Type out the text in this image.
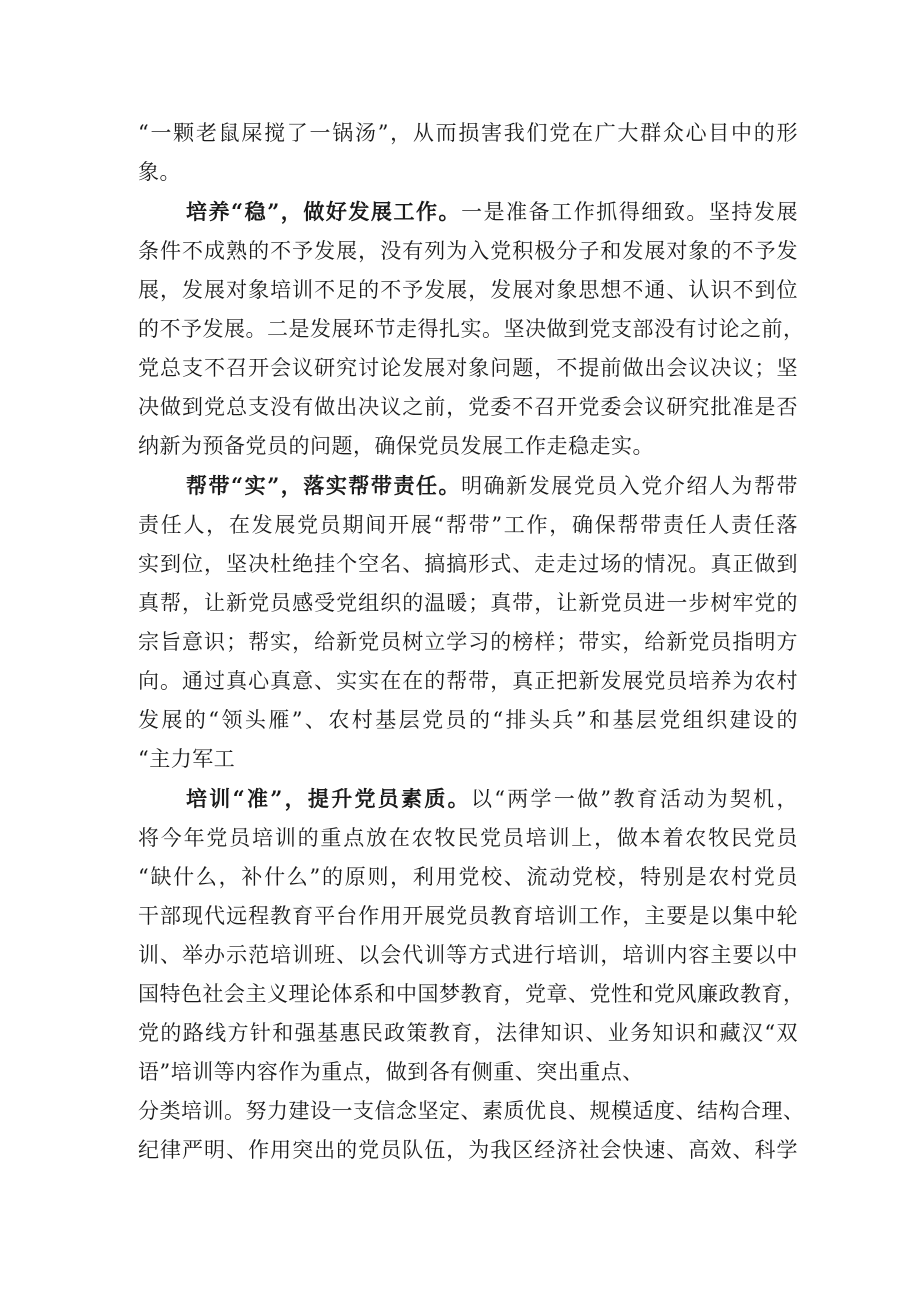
“一颗老鼠屎搅了一锅汤”，从而损害我们党在广大群众心目中的形
象。
培养“稳”，做好发展工作。一是准备工作抓得细致。坚持发展
条件不成熟的不予发展，没有列为入党积极分子和发展对象的不予发
展，发展对象培训不足的不予发展，发展对象思想不通、认识不到位
的不予发展。二是发展环节走得扎实。坚决做到党支部没有讨论之前，
党总支不召开会议研究讨论发展对象问题，不提前做出会议决议；坚
决做到党总支没有做出决议之前，党委不召开党委会议研究批准是否
纳新为预备党员的问题，确保党员发展工作走稳走实。
帮带“实”，落实帮带责任。明确新发展党员入党介绍人为帮带
责任人，在发展党员期间开展“帮带”工作，确保帮带责任人责任落
实到位，坚决杜绝挂个空名、搞搞形式、走走过场的情况。真正做到
真帮，让新党员感受党组织的温暖；真带，让新党员进一步树牢党的
宗旨意识；帮实，给新党员树立学习的榜样；带实，给新党员指明方
向。通过真心真意、实实在在的帮带，真正把新发展党员培养为农村
发展的“领头雁”、农村基层党员的“排头兵”和基层党组织建设的
“主力军工
培训“准”，提升党员素质。以“两学一做”教育活动为契机，
将今年党员培训的重点放在农牧民党员培训上，做本着农牧民党员
“缺什么，补什么”的原则，利用党校、流动党校，特别是农村党员
干部现代远程教育平台作用开展党员教育培训工作，主要是以集中轮
训、举办示范培训班、以会代训等方式进行培训，培训内容主要以中
国特色社会主义理论体系和中国梦教育，党章、党性和党风廉政教育，
党的路线方针和强基惠民政策教育，法律知识、业务知识和藏汉“双
语”培训等内容作为重点，做到各有侧重、突出重点、
分类培训。努力建设一支信念坚定、素质优良、规模适度、结构合理、
纪律严明、作用突出的党员队伍，为我区经济社会快速、高效、科学
